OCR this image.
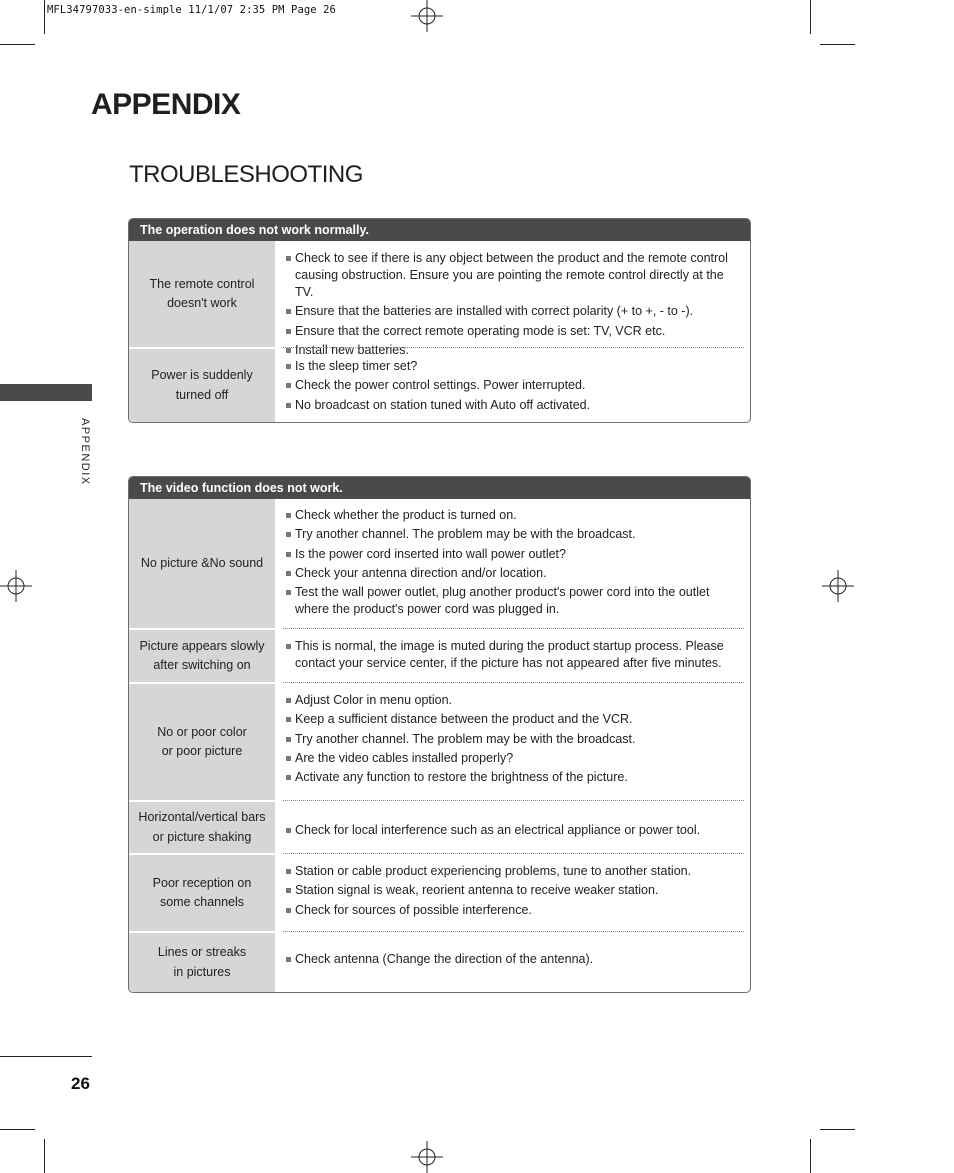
MFL34797033-en-simple 11/1/07 2:35 PM Page 26
APPENDIX
TROUBLESHOOTING
APPENDIX
The operation does not work normally.
The remote control
doesn't work
Check to see if there is any object between the product and the remote control causing obstruction. Ensure you are pointing the remote control directly at the TV.
Ensure that the batteries are installed with correct polarity (+ to +, - to -).
Ensure that the correct remote operating mode is set: TV, VCR etc.
Install new batteries.
Power is suddenly
turned off
Is the sleep timer set?
Check the power control settings. Power interrupted.
No broadcast on station tuned with Auto off activated.
The video function does not work.
No picture &No sound
Check whether the product is turned on.
Try another channel. The problem may be with the broadcast.
Is the power cord inserted into wall power outlet?
Check your antenna direction and/or location.
Test the wall power outlet, plug another product's power cord into the outlet where the product's power cord was plugged in.
Picture appears slowly
after switching on
This is normal, the image is muted during the product startup process. Please contact your service center, if the picture has not appeared after five minutes.
No or poor color
or poor picture
Adjust Color in menu option.
Keep a sufficient distance between the product and the VCR.
Try another channel. The problem may be with the broadcast.
Are the video cables installed properly?
Activate any function to restore the brightness of the picture.
Horizontal/vertical bars
or picture shaking	Check for local interference such as an electrical appliance or power tool.
Poor reception on
some channels
Station or cable product experiencing problems, tune to another station.
Station signal is weak, reorient antenna to receive weaker station.
Check for sources of possible interference.
Lines or streaks
in pictures
Check antenna (Change the direction of the antenna).
26
